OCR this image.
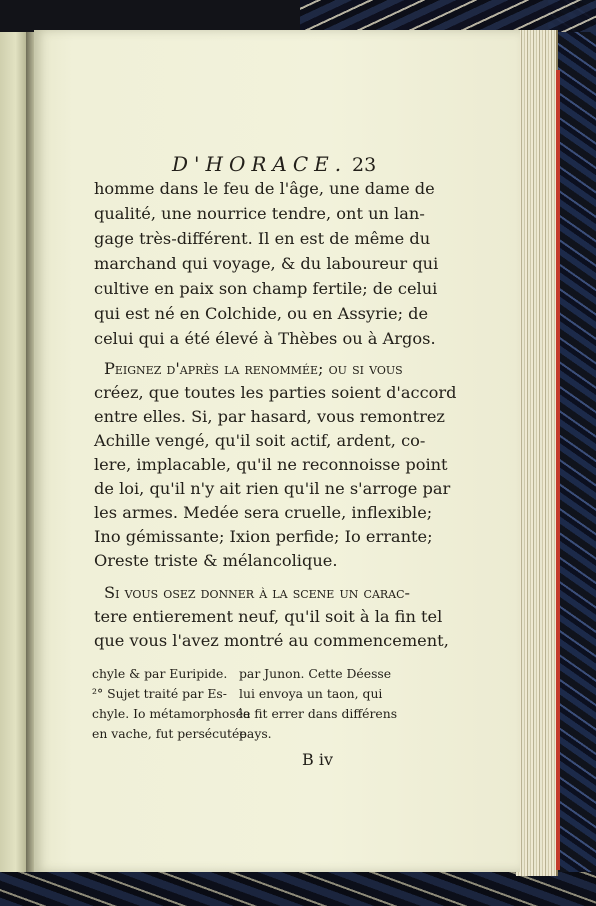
D'HORACE. 23
homme dans le feu de l'âge, une dame de
qualité, une nourrice tendre, ont un lan-
gage très-différent. Il en est de même du
marchand qui voyage, & du laboureur qui
cultive en paix son champ fertile; de celui
qui est né en Colchide, ou en Assyrie; de
celui qui a été élevé à Thèbes ou à Argos.
Peignez d'après la renommée; ou si vous
créez, que toutes les parties soient d'accord
entre elles. Si, par hasard, vous remontrez
Achille vengé, qu'il soit actif, ardent, co-
lere, implacable, qu'il ne reconnoisse point
de loi, qu'il n'y ait rien qu'il ne s'arroge par
les armes. Medée sera cruelle, inflexible;
Ino gémissante; Ixion perfide; Io errante;
Oreste triste & mélancolique.
Si vous osez donner à la scene un carac-
tere entierement neuf, qu'il soit à la fin tel
que vous l'avez montré au commencement,
chyle & par Euripide.
²° Sujet traité par Es-
chyle. Io métamorphosée
en vache, fut persécutée
par Junon. Cette Déesse
lui envoya un taon, qui
la fit errer dans différens
pays.
B iv
